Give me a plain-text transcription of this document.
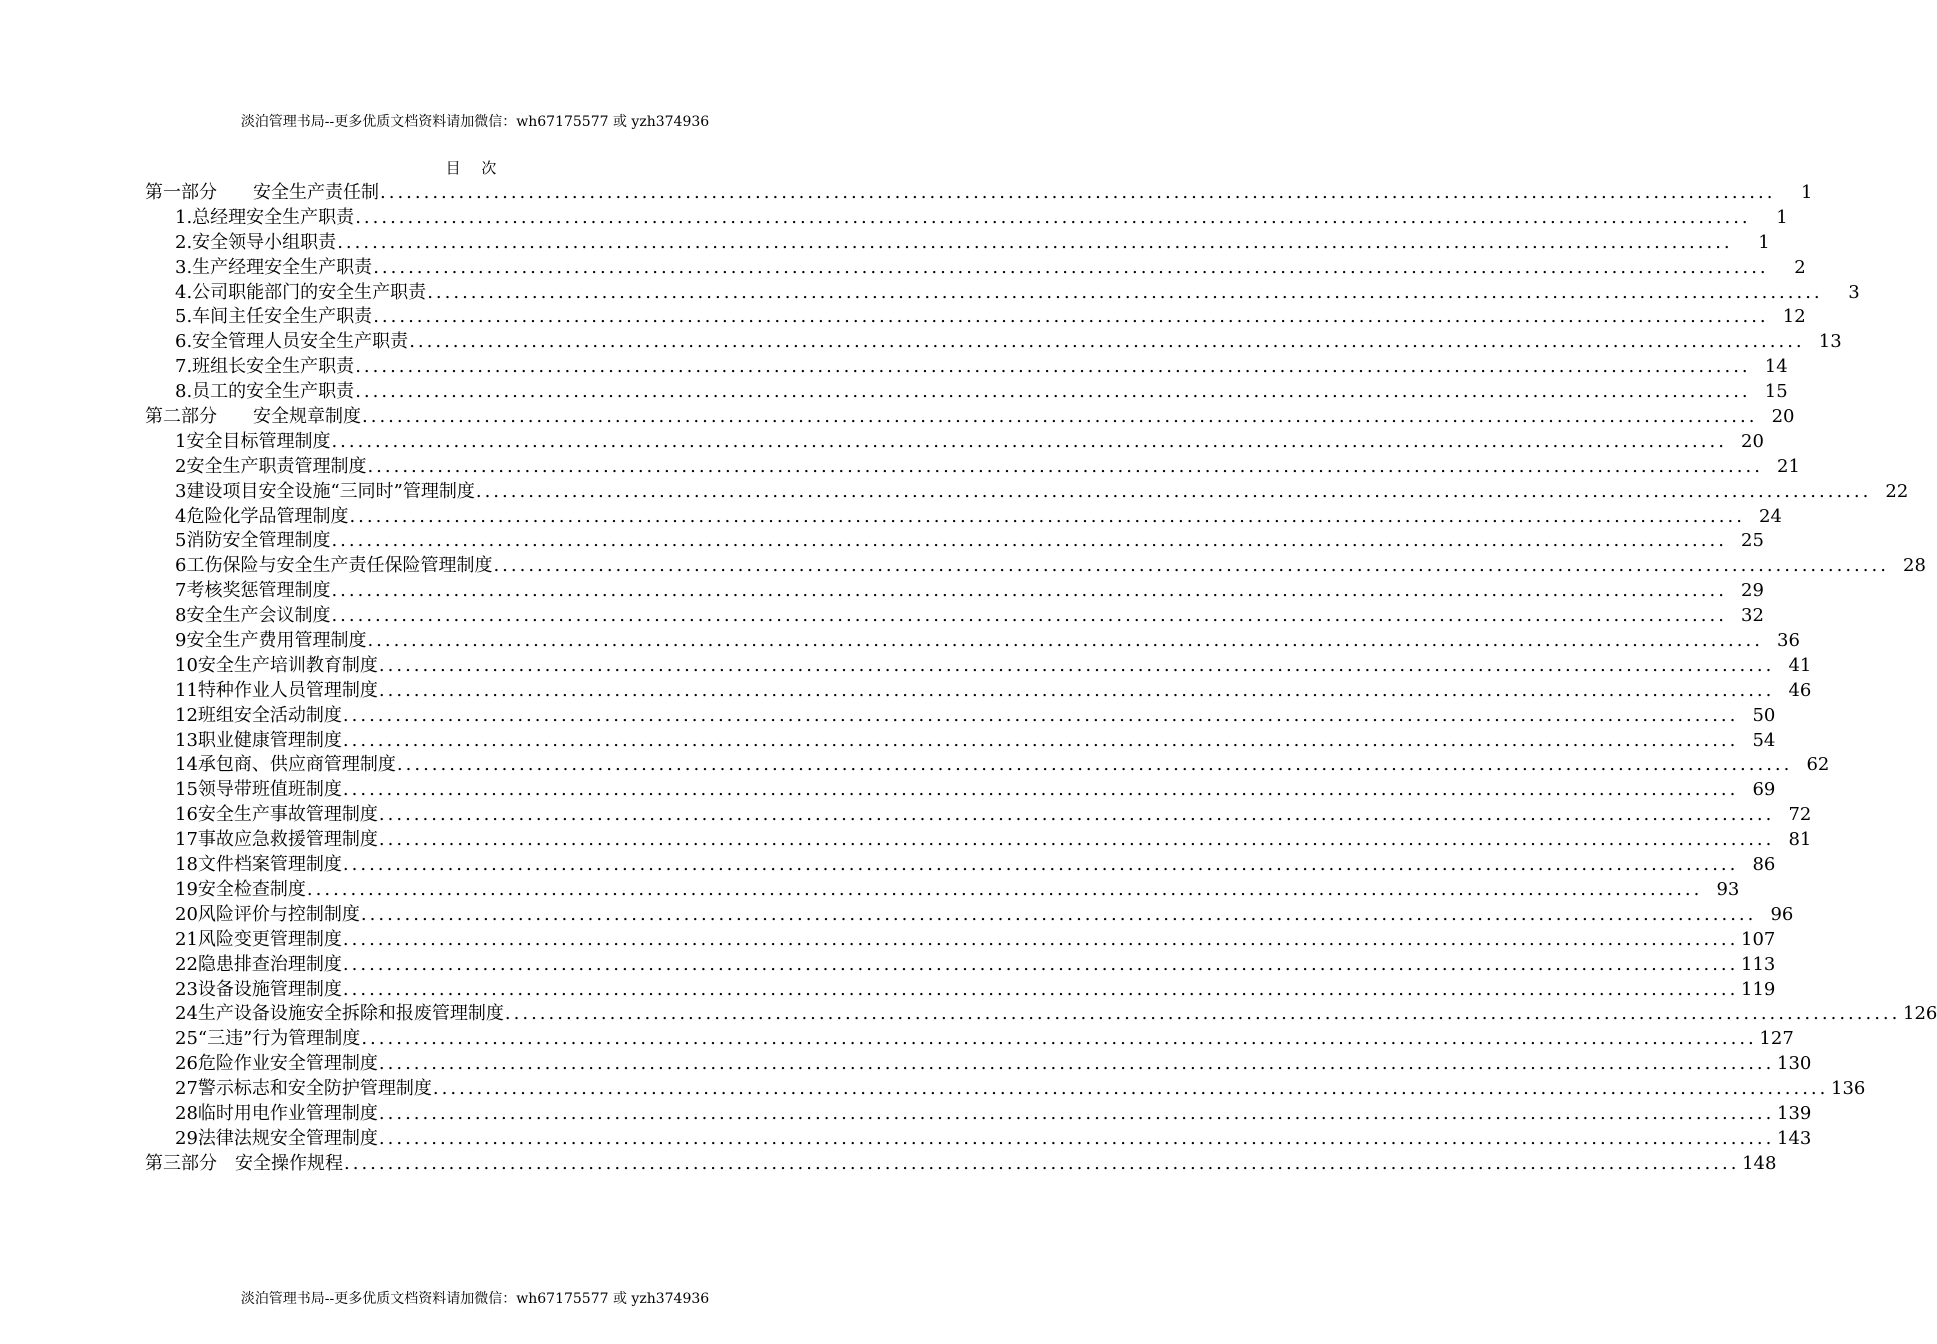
淡泊管理书局--更多优质文档资料请加微信：wh67175577 或 yzh374936
目 次
第一部分　　安全生产责任制 ................................................................................................................................................................	1
1.总经理安全生产职责 ................................................................................................................................................................	1
2.安全领导小组职责 ................................................................................................................................................................	1
3.生产经理安全生产职责 ................................................................................................................................................................	2
4.公司职能部门的安全生产职责 ................................................................................................................................................................	3
5.车间主任安全生产职责 ................................................................................................................................................................ 12
6.安全管理人员安全生产职责 ................................................................................................................................................................ 13
7.班组长安全生产职责 ................................................................................................................................................................ 14
8.员工的安全生产职责 ................................................................................................................................................................ 15
第二部分　　安全规章制度 ................................................................................................................................................................ 20
1安全目标管理制度 ................................................................................................................................................................ 20
2安全生产职责管理制度 ................................................................................................................................................................ 21
3建设项目安全设施“三同时”管理制度 ................................................................................................................................................................ 22
4危险化学品管理制度 ................................................................................................................................................................ 24
5消防安全管理制度 ................................................................................................................................................................ 25
6工伤保险与安全生产责任保险管理制度 ................................................................................................................................................................ 28
7考核奖惩管理制度 ................................................................................................................................................................ 29
8安全生产会议制度 ................................................................................................................................................................ 32
9安全生产费用管理制度 ................................................................................................................................................................ 36
10安全生产培训教育制度 ................................................................................................................................................................ 41
11特种作业人员管理制度 ................................................................................................................................................................ 46
12班组安全活动制度 ................................................................................................................................................................ 50
13职业健康管理制度 ................................................................................................................................................................ 54
14承包商、供应商管理制度 ................................................................................................................................................................ 62
15领导带班值班制度 ................................................................................................................................................................ 69
16安全生产事故管理制度 ................................................................................................................................................................ 72
17事故应急救援管理制度 ................................................................................................................................................................ 81
18文件档案管理制度 ................................................................................................................................................................ 86
19安全检查制度 ................................................................................................................................................................ 93
20风险评价与控制制度 ................................................................................................................................................................ 96
21风险变更管理制度 ................................................................................................................................................................ 107
22隐患排查治理制度 ................................................................................................................................................................ 113
23设备设施管理制度 ................................................................................................................................................................ 119
24生产设备设施安全拆除和报废管理制度 ................................................................................................................................................................ 126
25“三违”行为管理制度 ................................................................................................................................................................ 127
26危险作业安全管理制度 ................................................................................................................................................................ 130
27警示标志和安全防护管理制度 ................................................................................................................................................................ 136
28临时用电作业管理制度 ................................................................................................................................................................ 139
29法律法规安全管理制度 ................................................................................................................................................................ 143
第三部分　安全操作规程 ................................................................................................................................................................ 148
淡泊管理书局--更多优质文档资料请加微信：wh67175577 或 yzh374936
